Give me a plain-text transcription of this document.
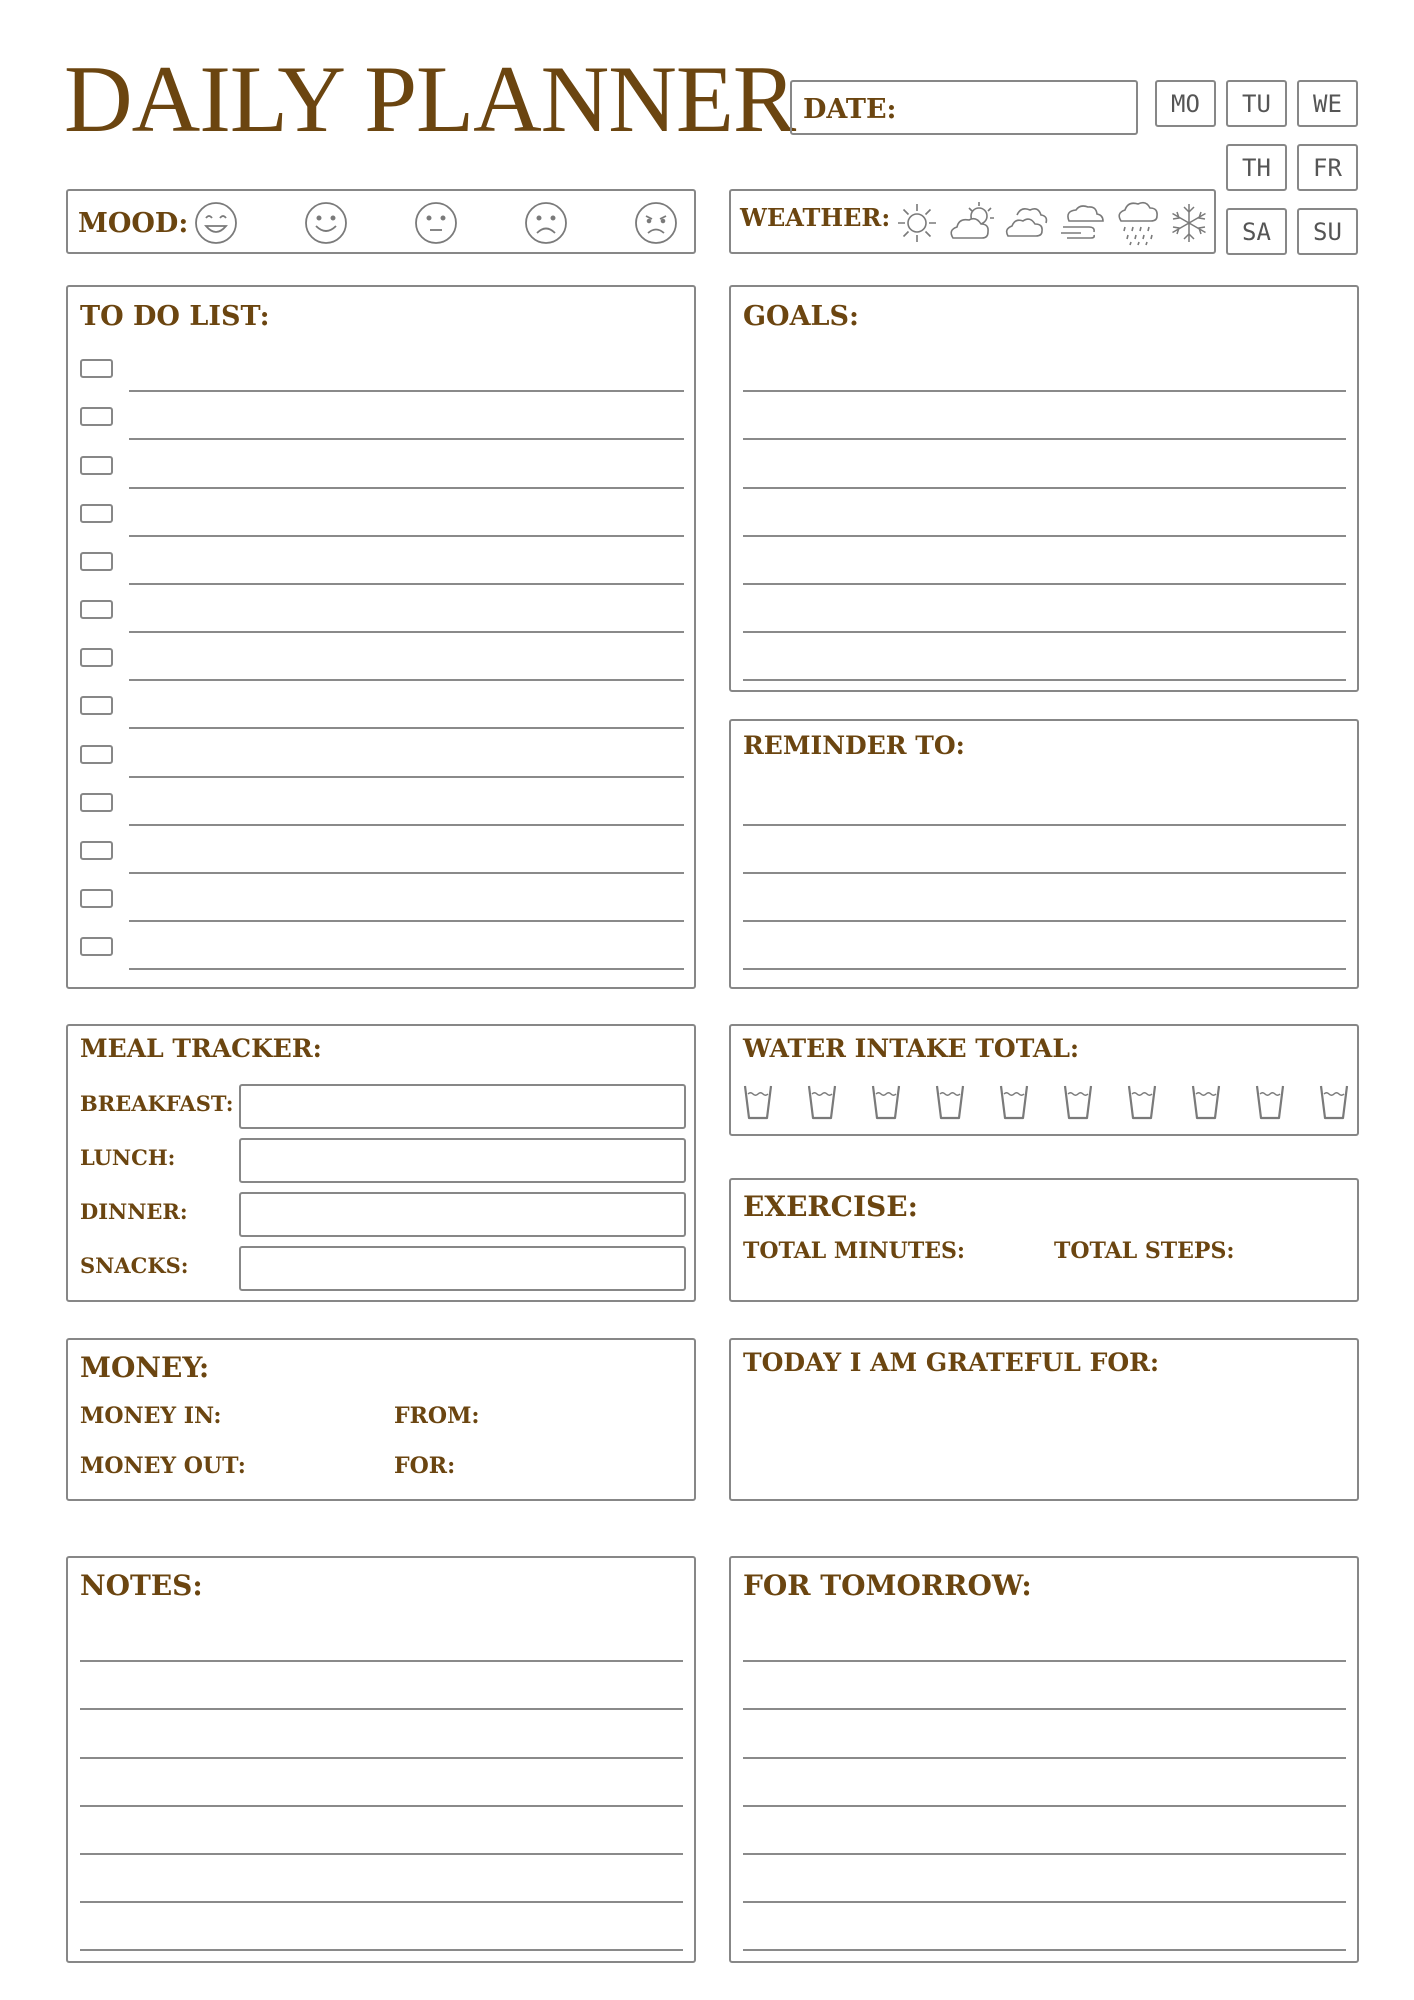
DAILY PLANNER DATE:	MO TU WE
TH FR
SA SU
MOOD:	WEATHER:
TO DO LIST:	GOALS:
REMINDER TO:
MEAL TRACKER:
BREAKFAST:
LUNCH:
DINNER:
SNACKS:
WATER INTAKE TOTAL:
EXERCISE:
TOTAL MINUTES:	TOTAL STEPS:
MONEY:
MONEY IN:	FROM:
MONEY OUT:	FOR:
TODAY I AM GRATEFUL FOR:
NOTES:	FOR TOMORROW:
